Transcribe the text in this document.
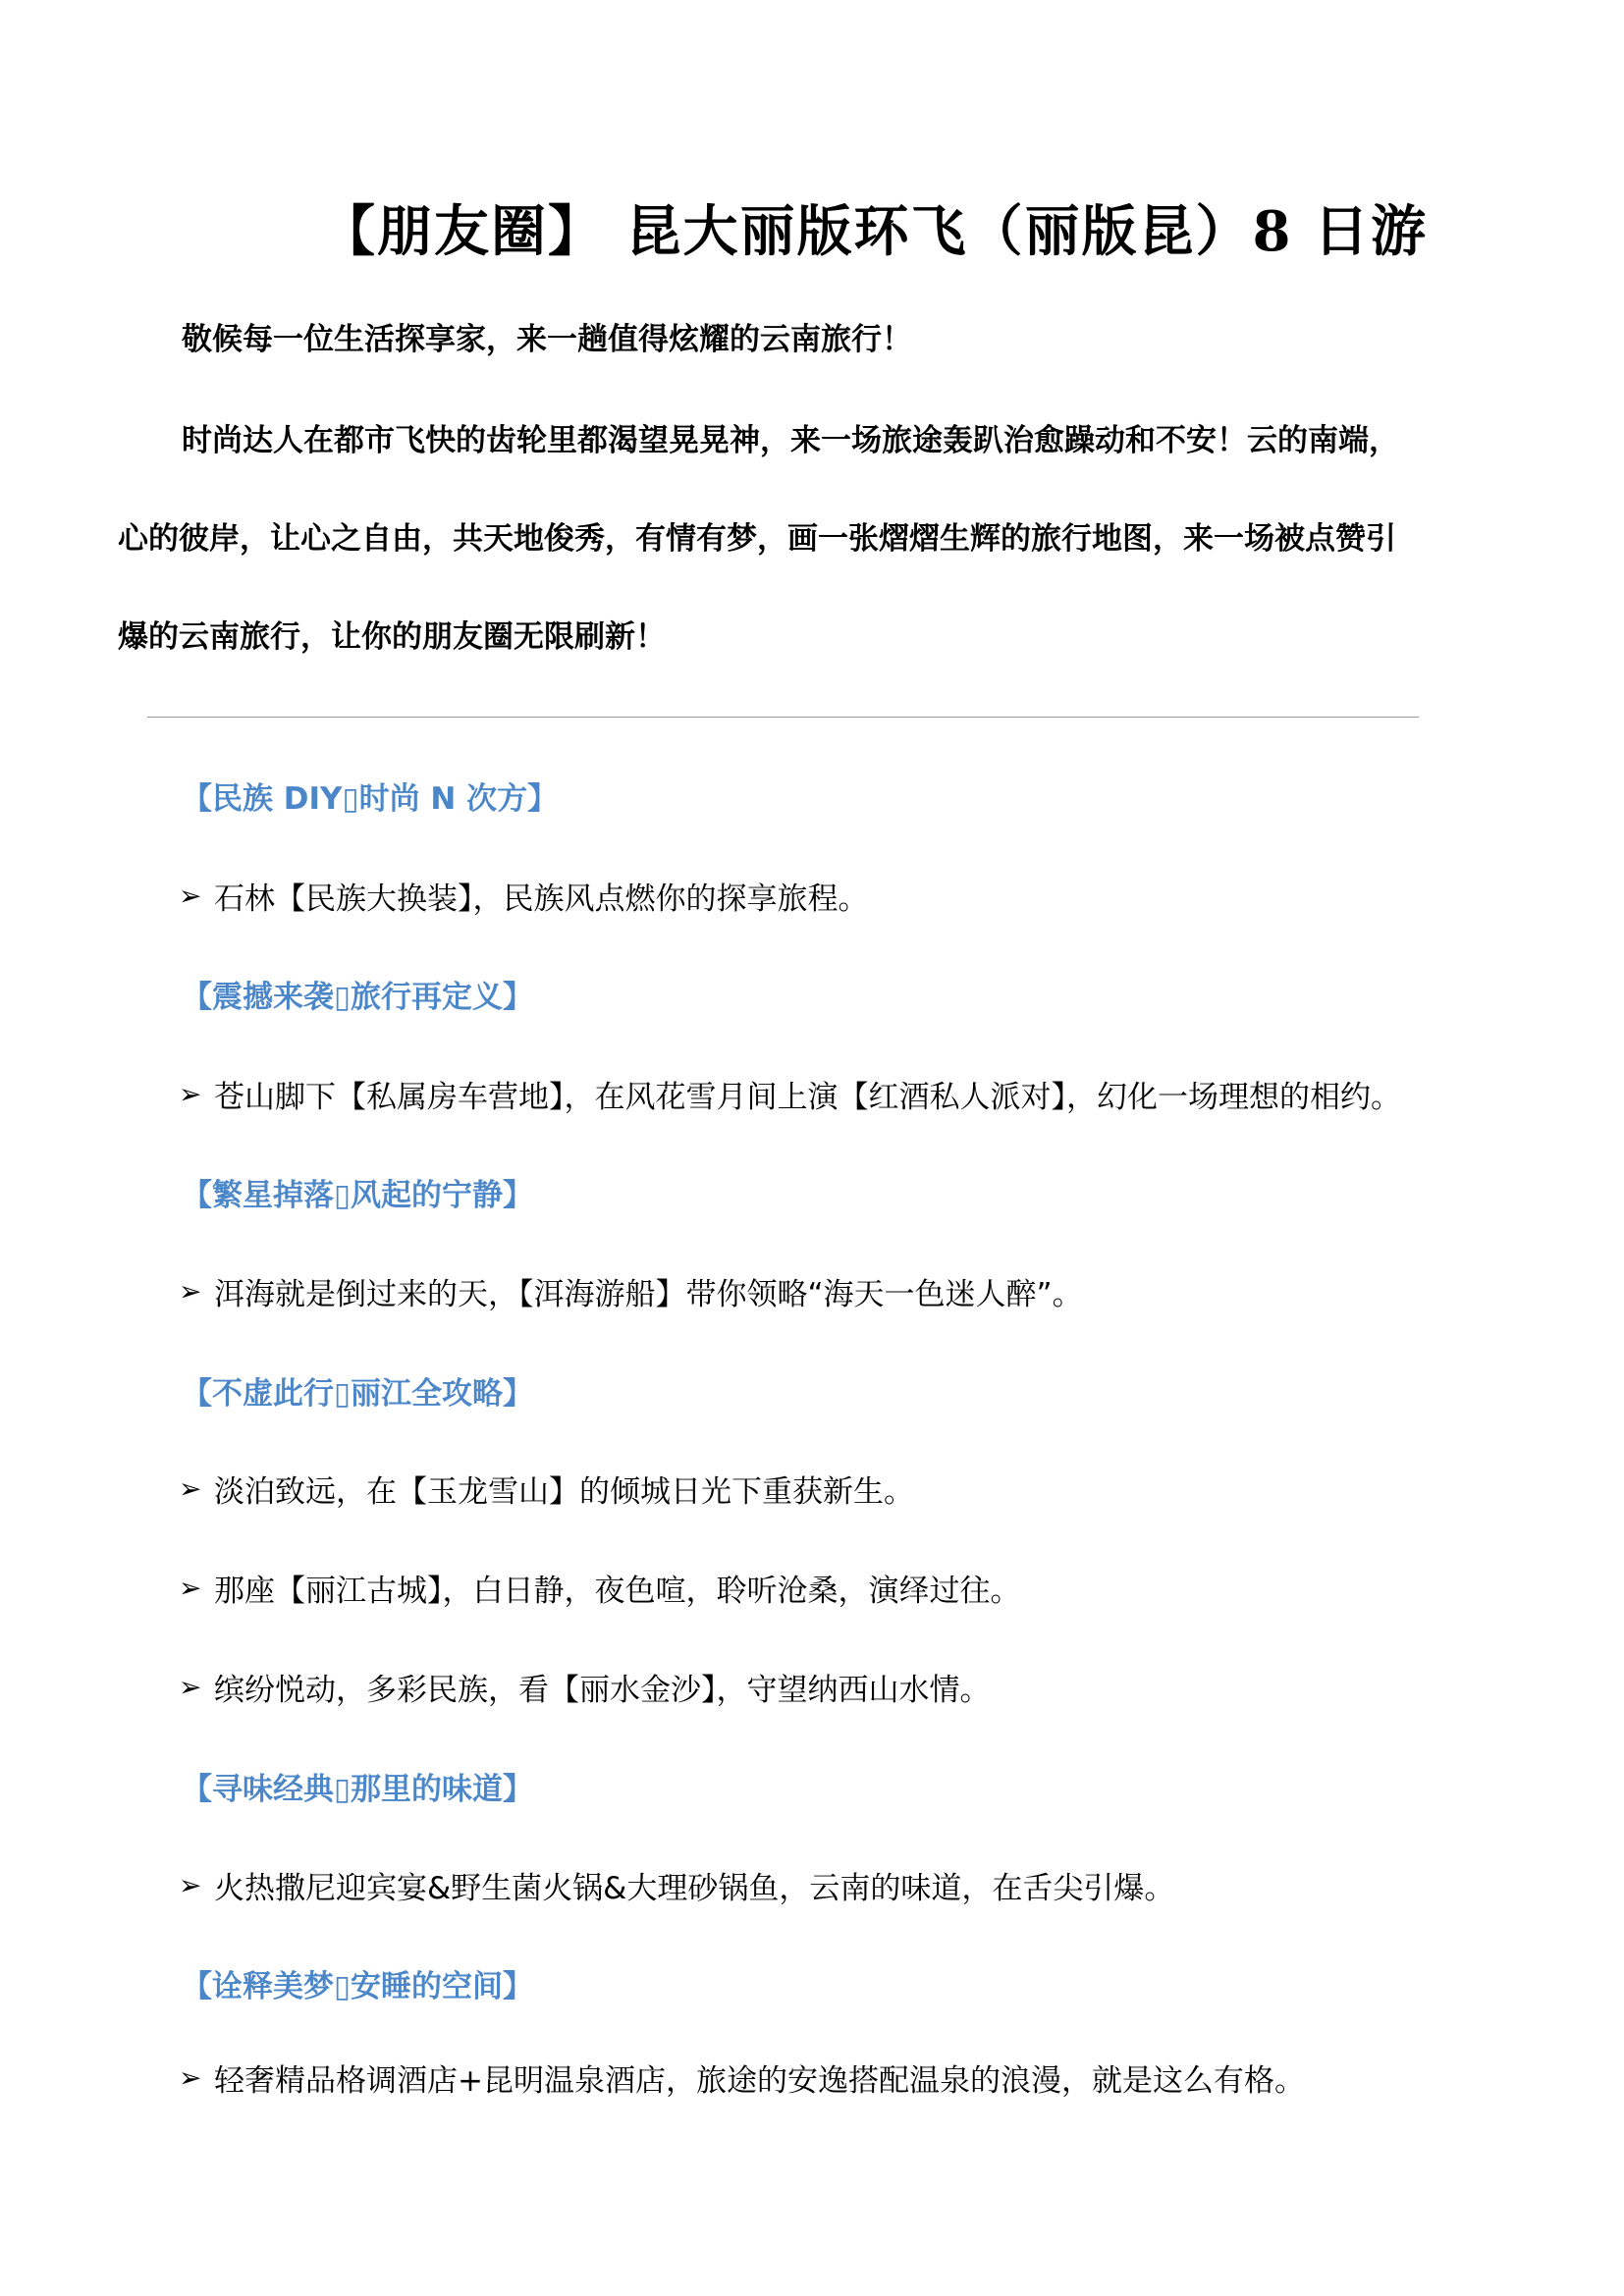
【朋友圈】 昆大丽版环飞（丽版昆）8 日游

敬候每一位生活探享家，来一趟值得炫耀的云南旅行！

时尚达人在都市飞快的齿轮里都渴望晃晃神，来一场旅途轰趴治愈躁动和不安！云的南端，

心的彼岸，让心之自由，共天地俊秀，有情有梦，画一张熠熠生辉的旅行地图，来一场被点赞引

爆的云南旅行，让你的朋友圈无限刷新！

【民族 DIY▯时尚 N 次方】

➢ 石林【民族大换装】，民族风点燃你的探享旅程。

【震撼来袭▯旅行再定义】

➢ 苍山脚下【私属房车营地】，在风花雪月间上演【红酒私人派对】，幻化一场理想的相约。

【繁星掉落▯风起的宁静】

➢ 洱海就是倒过来的天，【洱海游船】带你领略“海天一色迷人醉”。

【不虚此行▯丽江全攻略】

➢ 淡泊致远，在【玉龙雪山】的倾城日光下重获新生。

➢ 那座【丽江古城】，白日静，夜色喧，聆听沧桑，演绎过往。

➢ 缤纷悦动，多彩民族，看【丽水金沙】，守望纳西山水情。

【寻味经典▯那里的味道】

➢ 火热撒尼迎宾宴&野生菌火锅&大理砂锅鱼，云南的味道，在舌尖引爆。

【诠释美梦▯安睡的空间】

➢ 轻奢精品格调酒店+昆明温泉酒店，旅途的安逸搭配温泉的浪漫，就是这么有格。
